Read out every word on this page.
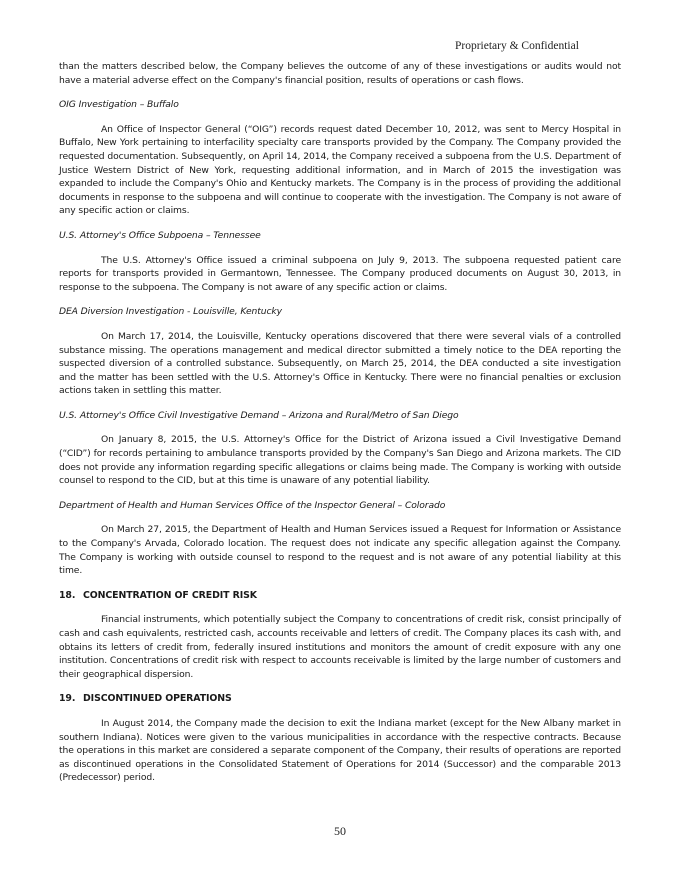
Proprietary & Confidential

than the matters described below, the Company believes the outcome of any of these investigations or audits would not have a material adverse effect on the Company's financial position, results of operations or cash flows.

OIG Investigation – Buffalo

An Office of Inspector General (“OIG”) records request dated December 10, 2012, was sent to Mercy Hospital in Buffalo, New York pertaining to interfacility specialty care transports provided by the Company. The Company provided the requested documentation. Subsequently, on April 14, 2014, the Company received a subpoena from the U.S. Department of Justice Western District of New York, requesting additional information, and in March of 2015 the investigation was expanded to include the Company's Ohio and Kentucky markets. The Company is in the process of providing the additional documents in response to the subpoena and will continue to cooperate with the investigation. The Company is not aware of any specific action or claims.

U.S. Attorney's Office Subpoena – Tennessee

The U.S. Attorney's Office issued a criminal subpoena on July 9, 2013. The subpoena requested patient care reports for transports provided in Germantown, Tennessee. The Company produced documents on August 30, 2013, in response to the subpoena. The Company is not aware of any specific action or claims.

DEA Diversion Investigation - Louisville, Kentucky

On March 17, 2014, the Louisville, Kentucky operations discovered that there were several vials of a controlled substance missing. The operations management and medical director submitted a timely notice to the DEA reporting the suspected diversion of a controlled substance. Subsequently, on March 25, 2014, the DEA conducted a site investigation and the matter has been settled with the U.S. Attorney's Office in Kentucky. There were no financial penalties or exclusion actions taken in settling this matter.

U.S. Attorney's Office Civil Investigative Demand – Arizona and Rural/Metro of San Diego

On January 8, 2015, the U.S. Attorney's Office for the District of Arizona issued a Civil Investigative Demand (“CID”) for records pertaining to ambulance transports provided by the Company's San Diego and Arizona markets. The CID does not provide any information regarding specific allegations or claims being made. The Company is working with outside counsel to respond to the CID, but at this time is unaware of any potential liability.

Department of Health and Human Services Office of the Inspector General – Colorado

On March 27, 2015, the Department of Health and Human Services issued a Request for Information or Assistance to the Company's Arvada, Colorado location. The request does not indicate any specific allegation against the Company. The Company is working with outside counsel to respond to the request and is not aware of any potential liability at this time.

18. CONCENTRATION OF CREDIT RISK

Financial instruments, which potentially subject the Company to concentrations of credit risk, consist principally of cash and cash equivalents, restricted cash, accounts receivable and letters of credit. The Company places its cash with, and obtains its letters of credit from, federally insured institutions and monitors the amount of credit exposure with any one institution. Concentrations of credit risk with respect to accounts receivable is limited by the large number of customers and their geographical dispersion.

19. DISCONTINUED OPERATIONS

In August 2014, the Company made the decision to exit the Indiana market (except for the New Albany market in southern Indiana). Notices were given to the various municipalities in accordance with the respective contracts. Because the operations in this market are considered a separate component of the Company, their results of operations are reported as discontinued operations in the Consolidated Statement of Operations for 2014 (Successor) and the comparable 2013 (Predecessor) period.

50
